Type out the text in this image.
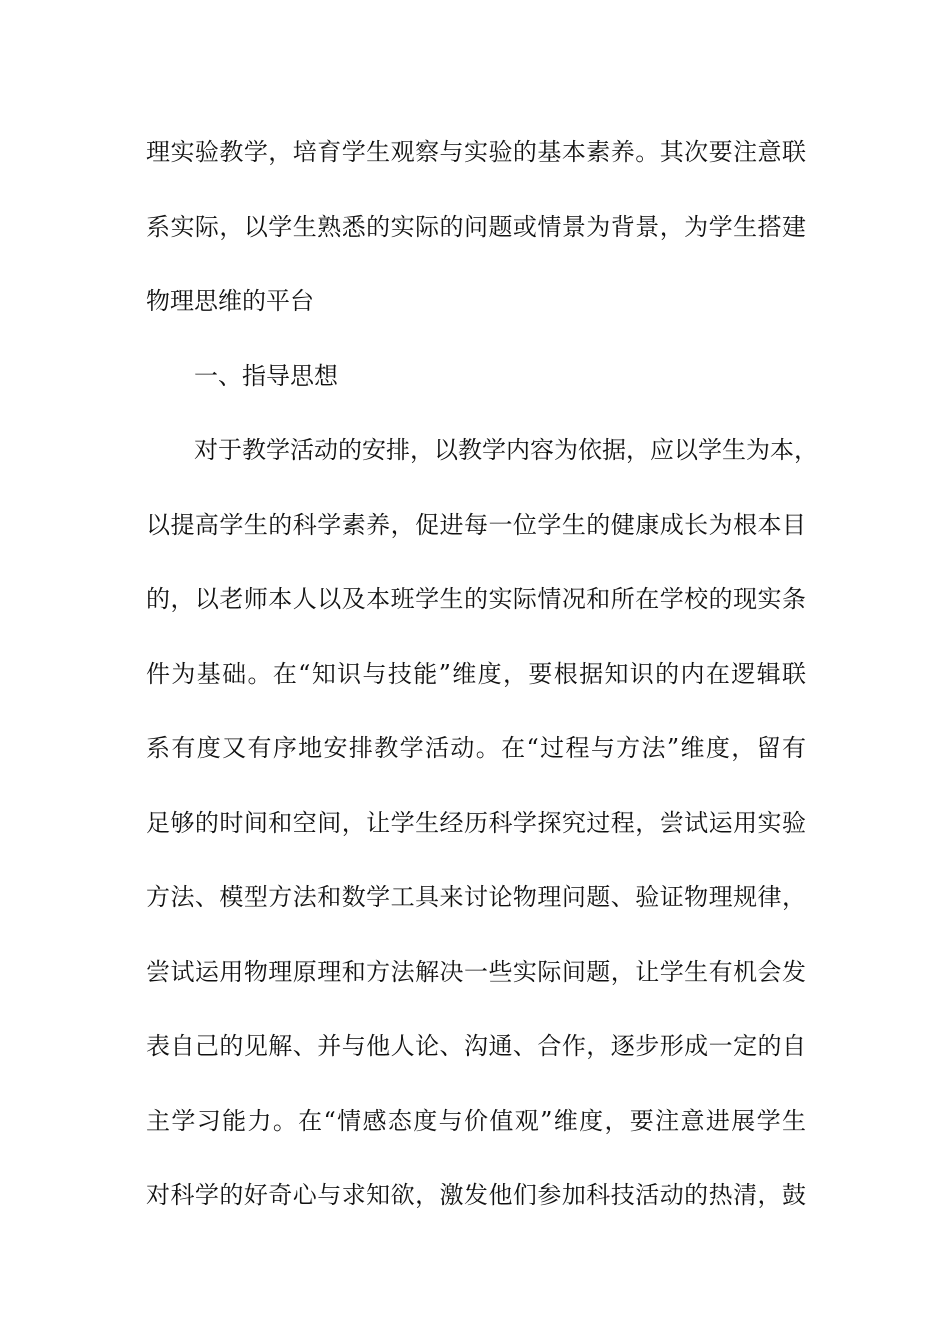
理实验教学，培育学生观察与实验的基本素养。其次要注意联
系实际，以学生熟悉的实际的问题或情景为背景，为学生搭建
物理思维的平台
一、指导思想
对于教学活动的安排，以教学内容为依据，应以学生为本，
以提高学生的科学素养，促进每一位学生的健康成长为根本目
的，以老师本人以及本班学生的实际情况和所在学校的现实条
件为基础。在“知识与技能”维度，要根据知识的内在逻辑联
系有度又有序地安排教学活动。在“过程与方法”维度，留有
足够的时间和空间，让学生经历科学探究过程，尝试运用实验
方法、模型方法和数学工具来讨论物理问题、验证物理规律，
尝试运用物理原理和方法解决一些实际间题，让学生有机会发
表自己的见解、并与他人论、沟通、合作，逐步形成一定的自
主学习能力。在“情感态度与价值观”维度，要注意进展学生
对科学的好奇心与求知欲，激发他们参加科技活动的热清，鼓
